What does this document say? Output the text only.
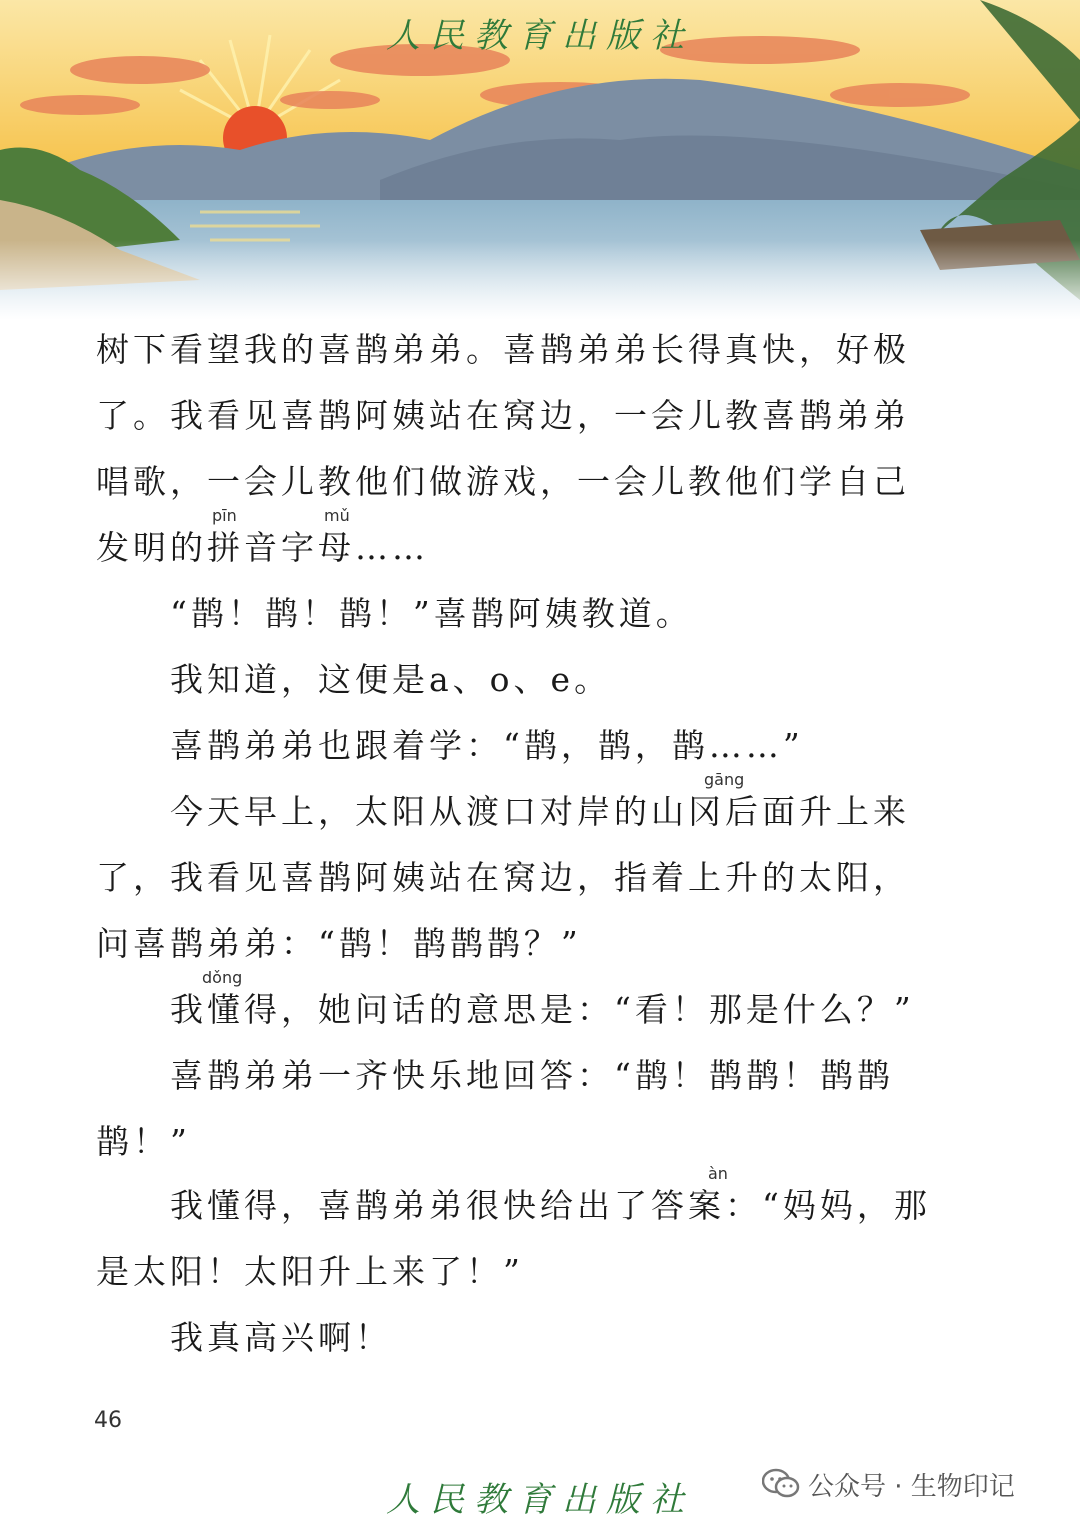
人民教育出版社
树下看望我的喜鹊弟弟。喜鹊弟弟长得真快，好极
了。我看见喜鹊阿姨站在窝边，一会儿教喜鹊弟弟
唱歌，一会儿教他们做游戏，一会儿教他们学自己
pīn	mǔ
发明的拼音字母……
“鹊！鹊！鹊！”喜鹊阿姨教道。
我知道，这便是a、o、e。
喜鹊弟弟也跟着学：“鹊，鹊，鹊……”
gāng
今天早上，太阳从渡口对岸的山冈后面升上来
了，我看见喜鹊阿姨站在窝边，指着上升的太阳，
问喜鹊弟弟：“鹊！鹊鹊鹊？”
dǒng
我懂得，她问话的意思是：“看！那是什么？”
喜鹊弟弟一齐快乐地回答：“鹊！鹊鹊！鹊鹊
鹊！”
àn
我懂得，喜鹊弟弟很快给出了答案：“妈妈，那
是太阳！太阳升上来了！”
我真高兴啊！
46
人民教育出版社	公众号 · 生物印记
